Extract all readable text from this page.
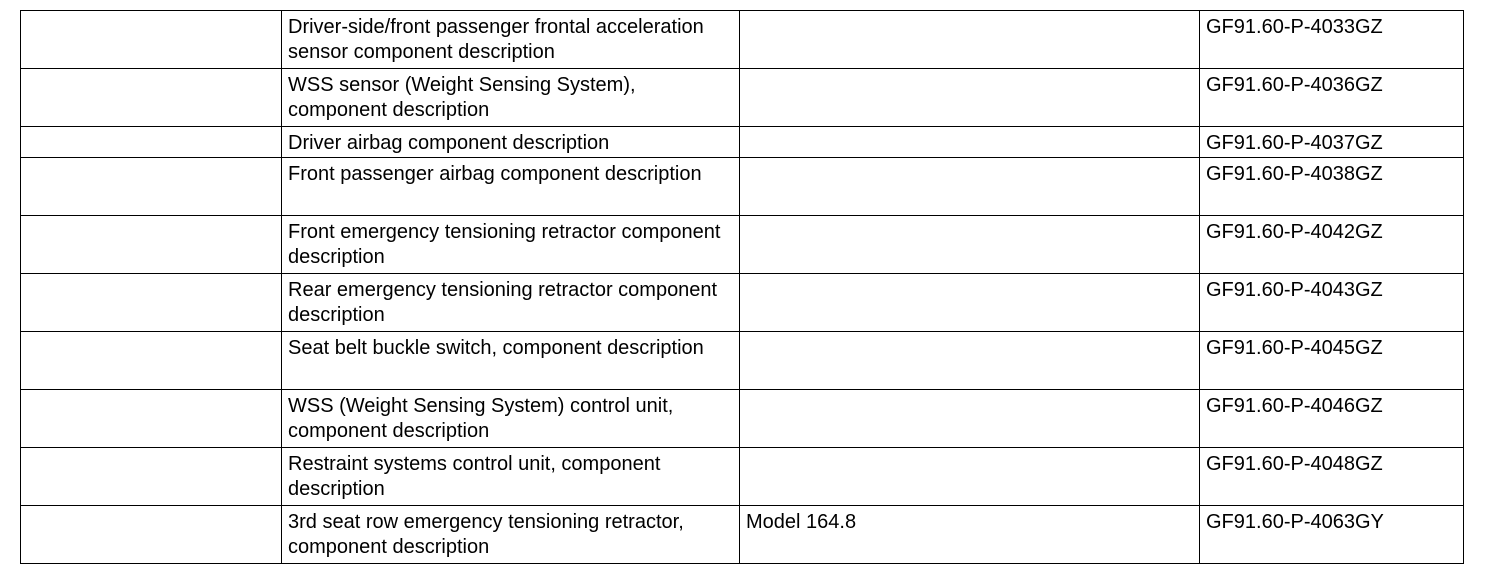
	Driver-side/front passenger frontal acceleration sensor component description		GF91.60-P-4033GZ
	WSS sensor (Weight Sensing System), component description		GF91.60-P-4036GZ
	Driver airbag component description		GF91.60-P-4037GZ
	Front passenger airbag component description		GF91.60-P-4038GZ
	Front emergency tensioning retractor component description		GF91.60-P-4042GZ
	Rear emergency tensioning retractor component description		GF91.60-P-4043GZ
	Seat belt buckle switch, component description		GF91.60-P-4045GZ
	WSS (Weight Sensing System) control unit, component description		GF91.60-P-4046GZ
	Restraint systems control unit, component description		GF91.60-P-4048GZ
	3rd seat row emergency tensioning retractor, component description	Model 164.8	GF91.60-P-4063GY
